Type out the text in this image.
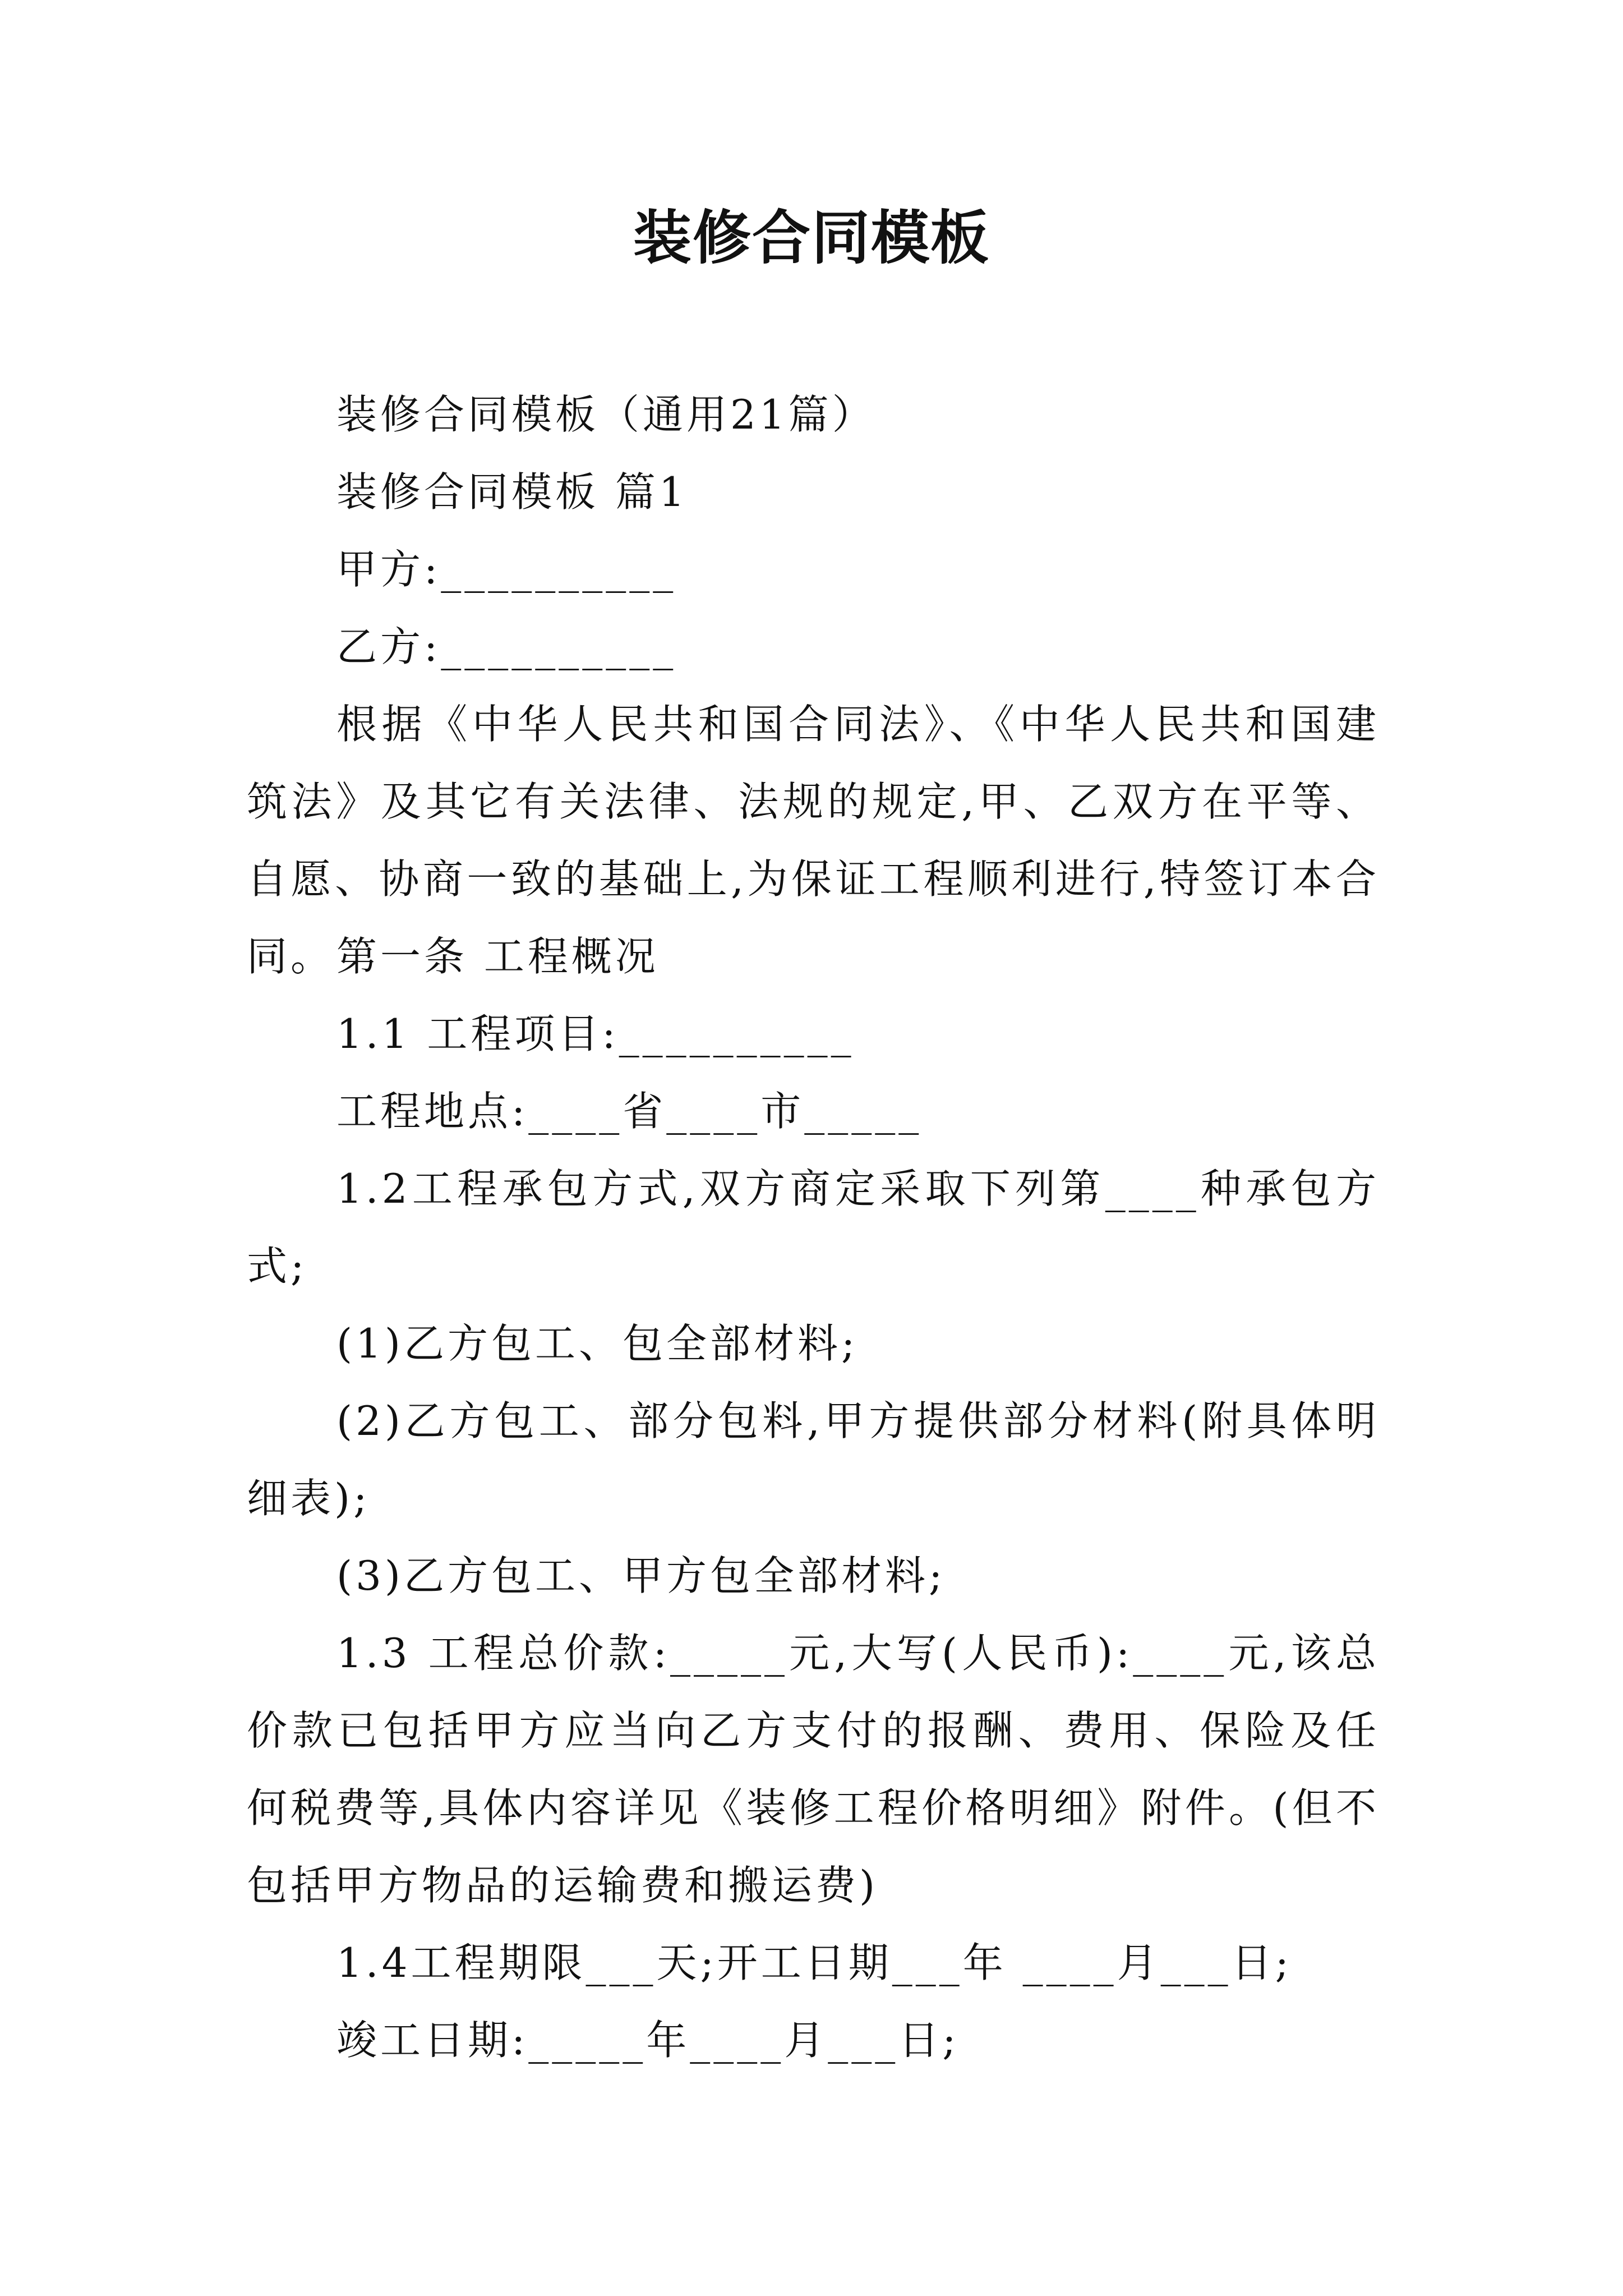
装修合同模板
装修合同模板（通用21篇）
装修合同模板 篇1
甲方:__________
乙方:__________
根据《中华人民共和国合同法》、《中华人民共和国建筑法》及其它有关法律、法规的规定,甲、乙双方在平等、自愿、协商一致的基础上,为保证工程顺利进行,特签订本合同。 第一条 工程概况
1.1 工程项目:__________
工程地点:____省____市_____
1.2工程承包方式,双方商定采取下列第____种承包方式;
(1)乙方包工、包全部材料;
(2)乙方包工、部分包料,甲方提供部分材料(附具体明细表);
(3)乙方包工、甲方包全部材料;
1.3 工程总价款:_____元,大写(人民币):____元,该总价款已包括甲方应当向乙方支付的报酬、费用、保险及任何税费等,具体内容详见《装修工程价格明细》附件。(但不包括甲方物品的运输费和搬运费)
1.4工程期限___天;开工日期___年 ____月___日;
竣工日期:_____年____月___日;
